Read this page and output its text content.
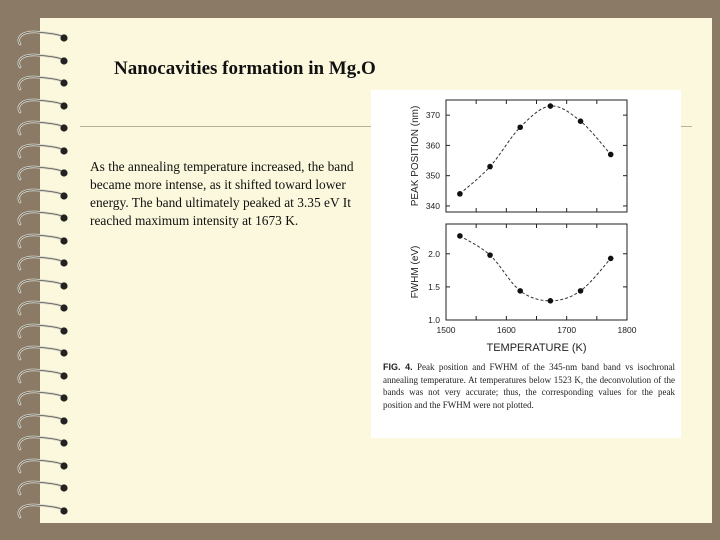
Nanocavities formation in Mg.O

As the annealing temperature increased, the band became more intense, as it shifted toward lower energy. The band ultimately peaked at 3.35 eV It reached maximum intensity at 1673 K.

340
350
360
370
PEAK POSITION (nm)
1.0
1.5
2.0
1500	1600	1700	1800
TEMPERATURE (K)
FWHM (eV)

FIG. 4. Peak position and FWHM of the 345-nm band band vs isochronal annealing temperature. At temperatures below 1523 K, the deconvolution of the bands was not very accurate; thus, the corresponding values for the peak position and the FWHM were not plotted.
